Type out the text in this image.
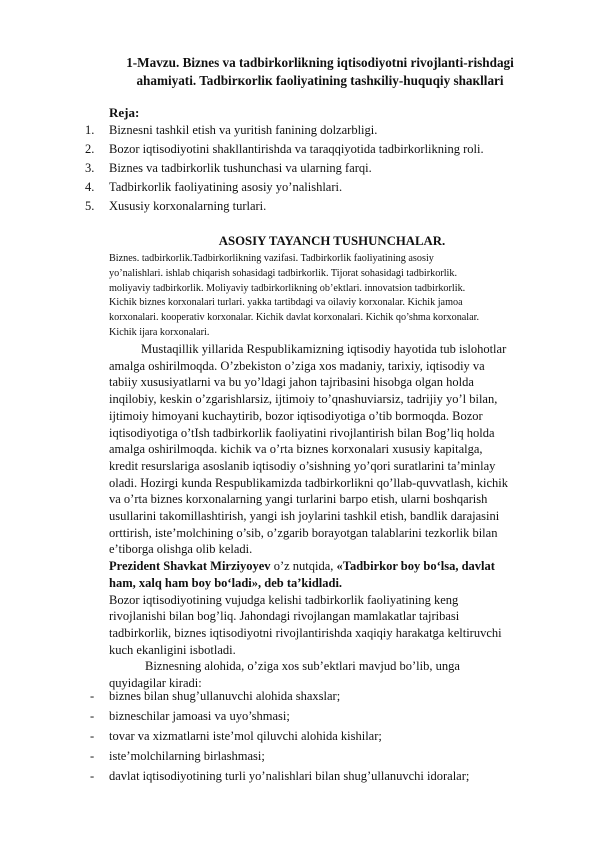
1-Mavzu. Biznes va tadbirkorlikning iqtisodiyotni rivojlanti-rishdagi
ahamiyati. Tadbirкorliк faoliyatining tashкiliy-huquqiy shaкllari
Reja:
1.	Biznesni tashkil etish va yuritish fanining dolzarbligi.
2.	Bozor iqtisodiyotini shakllantirishda va taraqqiyotida tadbirkorlikning roli.
3.	Biznes va tadbirkorlik tushunchasi va ularning farqi.
4.	Tadbirkorlik faoliyatining asosiy yo’nalishlari.
5.	Xususiy korxonalarning turlari.
ASOSIY TAYANCH TUSHUNCHALAR.
Biznes. tadbirkorlik.Tadbirkorlikning vazifasi. Tadbirkorlik faoliyatining asosiy
yo’nalishlari. ishlab chiqarish sohasidagi tadbirkorlik. Tijorat sohasidagi tadbirkorlik.
moliyaviy tadbirkorlik. Moliyaviy tadbirkorlikning ob’ektlari. innovatsion tadbirkorlik.
Kichik biznes korxonalari turlari. yakka tartibdagi va oilaviy korxonalar. Kichik jamoa
korxonalari. kooperativ korxonalar. Kichik davlat korxonalari. Kichik qo’shma korxonalar.
Kichik ijara korxonalari.
Mustaqillik yillarida Respublikamizning iqtisodiy hayotida tub islohotlar
amalga oshirilmoqda. O’zbekiston o’ziga xos madaniy, tarixiy, iqtisodiy va
tabiiy xususiyatlarni va bu yo’ldagi jahon tajribasini hisobga olgan holda
inqilobiy, keskin o’zgarishlarsiz, ijtimoiy to’qnashuviarsiz, tadrijiy yo’l bilan,
ijtimoiy himoyani kuchaytirib, bozor iqtisodiyotiga o’tib bormoqda. Bozor
iqtisodiyotiga o’tIsh tadbirkorlik faoliyatini rivojlantirish bilan Bog’liq holda
amalga oshirilmoqda. kichik va o’rta biznes korxonalari xususiy kapitalga,
kredit resurslariga asoslanib iqtisodiy o’sishning yo’qori suratlarini ta’minlay
oladi. Hozirgi kunda Respublikamizda tadbirkorlikni qo’llab-quvvatlash, kichik
va o’rta biznes korxonalarning yangi turlarini barpo etish, ularni boshqarish
usullarini takomillashtirish, yangi ish joylarini tashkil etish, bandlik darajasini
orttirish, iste’molchining o’sib, o’zgarib borayotgan talablarini tezkorlik bilan
e’tiborga olishga olib keladi.
Prezident Shavkat Mirziyoyev o’z nutqida, «Tadbirkor boy bo‘lsa, davlat
ham, xalq ham boy bo‘ladi», deb ta’kidladi.
Bozor iqtisodiyotining vujudga kelishi tadbirkorlik faoliyatining keng
rivojlanishi bilan bog’liq. Jahondagi rivojlangan mamlakatlar tajribasi
tadbirkorlik, biznes iqtisodiyotni rivojlantirishda xaqiqiy harakatga keltiruvchi
kuch ekanligini isbotladi.
Biznesning alohida, o’ziga xos sub’ektlari mavjud bo’lib, unga
quyidagilar kiradi:
-	biznes bilan shug’ullanuvchi alohida shaxslar;
-	bizneschilar jamoasi va uyo’shmasi;
-	tovar va xizmatlarni iste’mol qiluvchi alohida kishilar;
-	iste’molchilarning birlashmasi;
-	davlat iqtisodiyotining turli yo’nalishlari bilan shug’ullanuvchi idoralar;
